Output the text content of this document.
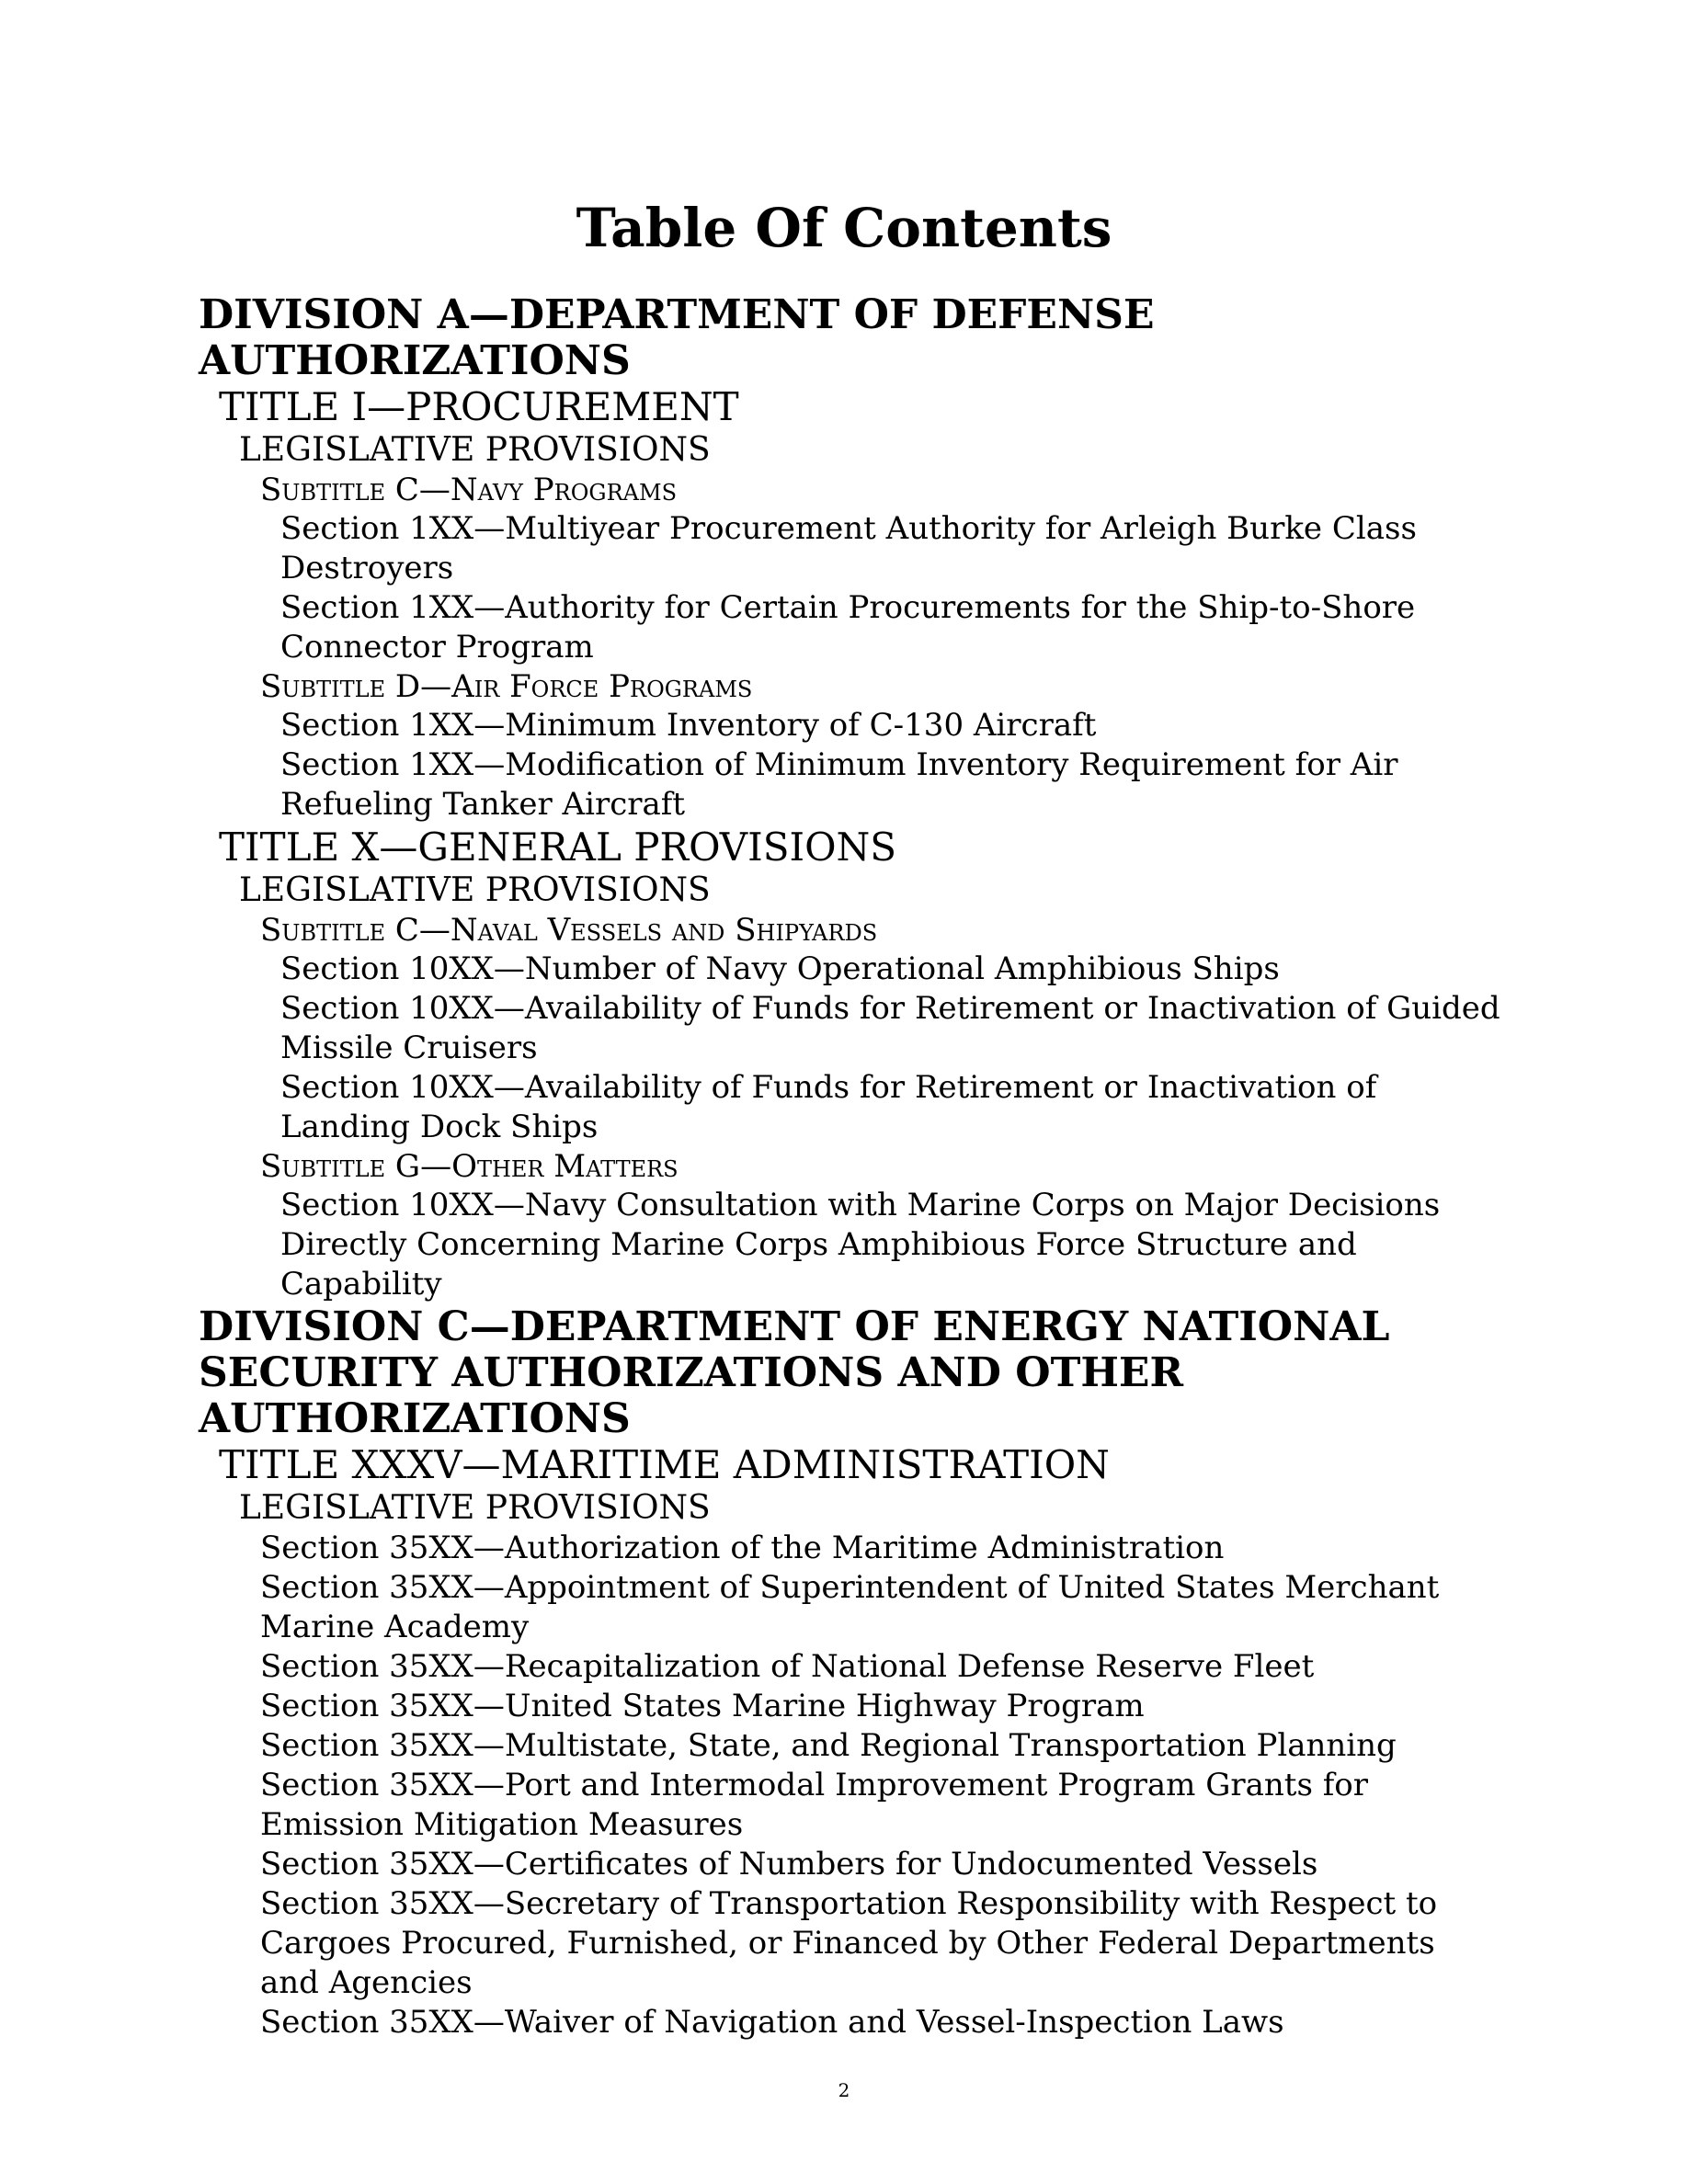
Table Of Contents
DIVISION A—DEPARTMENT OF DEFENSE AUTHORIZATIONS
TITLE I—PROCUREMENT
LEGISLATIVE PROVISIONS
Subtitle C—Navy Programs
Section 1XX—Multiyear Procurement Authority for Arleigh Burke Class Destroyers
Section 1XX—Authority for Certain Procurements for the Ship-to-Shore Connector Program
Subtitle D—Air Force Programs
Section 1XX—Minimum Inventory of C-130 Aircraft
Section 1XX—Modification of Minimum Inventory Requirement for Air Refueling Tanker Aircraft
TITLE X—GENERAL PROVISIONS
LEGISLATIVE PROVISIONS
Subtitle C—Naval Vessels and Shipyards
Section 10XX—Number of Navy Operational Amphibious Ships
Section 10XX—Availability of Funds for Retirement or Inactivation of Guided Missile Cruisers
Section 10XX—Availability of Funds for Retirement or Inactivation of Landing Dock Ships
Subtitle G—Other Matters
Section 10XX—Navy Consultation with Marine Corps on Major Decisions Directly Concerning Marine Corps Amphibious Force Structure and Capability
DIVISION C—DEPARTMENT OF ENERGY NATIONAL SECURITY AUTHORIZATIONS AND OTHER AUTHORIZATIONS
TITLE XXXV—MARITIME ADMINISTRATION
LEGISLATIVE PROVISIONS
Section 35XX—Authorization of the Maritime Administration
Section 35XX—Appointment of Superintendent of United States Merchant Marine Academy
Section 35XX—Recapitalization of National Defense Reserve Fleet
Section 35XX—United States Marine Highway Program
Section 35XX—Multistate, State, and Regional Transportation Planning
Section 35XX—Port and Intermodal Improvement Program Grants for Emission Mitigation Measures
Section 35XX—Certificates of Numbers for Undocumented Vessels
Section 35XX—Secretary of Transportation Responsibility with Respect to Cargoes Procured, Furnished, or Financed by Other Federal Departments and Agencies
Section 35XX—Waiver of Navigation and Vessel-Inspection Laws
2
